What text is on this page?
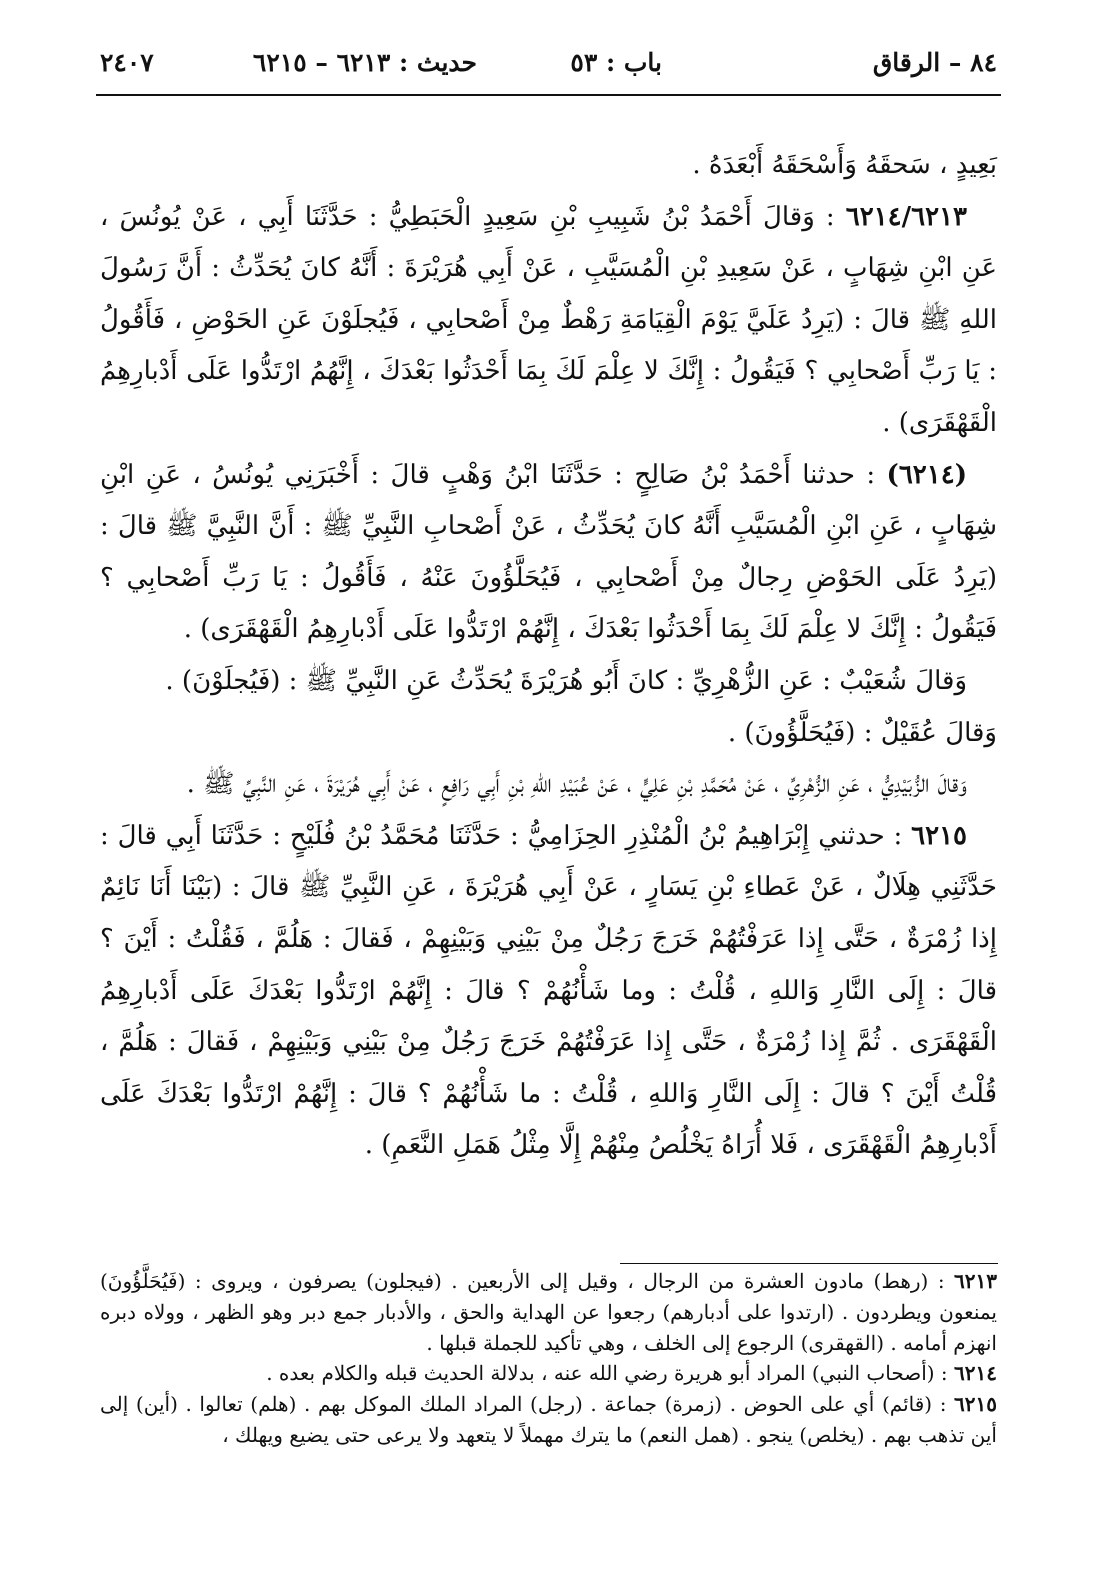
٨٤ – الرقاق
باب : ٥٣
حديث : ٦٢١٣ – ٦٢١٥
٢٤٠٧

بَعِيدٍ ، سَحقَهُ وَأَسْحَقَهُ أَبْعَدَهُ .

٦٢١٤/٦٢١٣ : وَقالَ أَحْمَدُ بْنُ شَبِيبِ بْنِ سَعِيدٍ الْحَبَطِيُّ : حَدَّثَنَا أَبِي ، عَنْ يُونُسَ ، عَنِ ابْنِ شِهَابٍ ، عَنْ سَعِيدِ بْنِ الْمُسَيَّبِ ، عَنْ أَبِي هُرَيْرَةَ : أَنَّهُ كانَ يُحَدِّثُ : أَنَّ رَسُولَ اللهِ ﷺ قالَ : (يَرِدُ عَلَيَّ يَوْمَ الْقِيَامَةِ رَهْطٌ مِنْ أَصْحابِي ، فَيُجلَوْنَ عَنِ الحَوْضِ ، فَأَقُولُ : يَا رَبِّ أَصْحابِي ؟ فَيَقُولُ : إِنَّكَ لا عِلْمَ لَكَ بِمَا أَحْدَثُوا بَعْدَكَ ، إِنَّهُمُ ارْتَدُّوا عَلَى أَدْبارِهِمُ الْقَهْقَرَى) .

(٦٢١٤) : حدثنا أَحْمَدُ بْنُ صَالِحٍ : حَدَّثَنَا ابْنُ وَهْبٍ قالَ : أَخْبَرَنِي يُونُسُ ، عَنِ ابْنِ شِهَابٍ ، عَنِ ابْنِ الْمُسَيَّبِ أَنَّهُ كانَ يُحَدِّثُ ، عَنْ أَصْحابِ النَّبِيِّ ﷺ : أَنَّ النَّبِيَّ ﷺ قالَ : (يَرِدُ عَلَى الحَوْضِ رِجالٌ مِنْ أَصْحابِي ، فَيُحَلَّؤُونَ عَنْهُ ، فَأَقُولُ : يَا رَبِّ أَصْحابِي ؟ فَيَقُولُ : إِنَّكَ لا عِلْمَ لَكَ بِمَا أَحْدَثُوا بَعْدَكَ ، إِنَّهُمْ ارْتَدُّوا عَلَى أَدْبارِهِمُ الْقَهْقَرَى) .

وَقالَ شُعَيْبٌ : عَنِ الزُّهْرِيِّ : كانَ أَبُو هُرَيْرَةَ يُحَدِّثُ عَنِ النَّبِيِّ ﷺ : (فَيُجلَوْنَ) .

وَقالَ عُقَيْلٌ : (فَيُحَلَّؤُونَ) .

وَقالَ الزُّبَيْدِيُّ ، عَنِ الزُّهْرِيِّ ، عَنْ مُحَمَّدِ بْنِ عَلِيٍّ ، عَنْ عُبَيْدِ اللهِ بْنِ أَبِي رَافِعٍ ، عَنْ أَبِي هُرَيْرَةَ ، عَنِ النَّبِيِّ ﷺ .

٦٢١٥ : حدثني إِبْرَاهِيمُ بْنُ الْمُنْذِرِ الحِزَامِيُّ : حَدَّثَنَا مُحَمَّدُ بْنُ فُلَيْحٍ : حَدَّثَنَا أَبِي قالَ : حَدَّثَنِي هِلَالٌ ، عَنْ عَطاءِ بْنِ يَسَارٍ ، عَنْ أَبِي هُرَيْرَةَ ، عَنِ النَّبِيِّ ﷺ قالَ : (بَيْنَا أَنَا نَائِمٌ إِذا زُمْرَةٌ ، حَتَّى إِذا عَرَفْتُهُمْ خَرَجَ رَجُلٌ مِنْ بَيْنِي وَبَيْنِهِمْ ، فَقالَ : هَلُمَّ ، فَقُلْتُ : أَيْنَ ؟ قالَ : إِلَى النَّارِ وَاللهِ ، قُلْتُ : وما شَأْنُهُمْ ؟ قالَ : إِنَّهُمْ ارْتَدُّوا بَعْدَكَ عَلَى أَدْبارِهِمُ الْقَهْقَرَى . ثُمَّ إِذا زُمْرَةٌ ، حَتَّى إِذا عَرَفْتُهُمْ خَرَجَ رَجُلٌ مِنْ بَيْنِي وَبَيْنِهِمْ ، فَقالَ : هَلُمَّ ، قُلْتُ أَيْنَ ؟ قالَ : إِلَى النَّارِ وَاللهِ ، قُلْتُ : ما شَأْنُهُمْ ؟ قالَ : إِنَّهُمْ ارْتَدُّوا بَعْدَكَ عَلَى أَدْبارِهِمُ الْقَهْقَرَى ، فَلا أُرَاهُ يَخْلُصُ مِنْهُمْ إِلَّا مِثْلُ هَمَلِ النَّعَمِ) .

٦٢١٣ : (رهط) مادون العشرة من الرجال ، وقيل إلى الأربعين . (فيجلون) يصرفون ، ويروى : (فَيُحَلَّؤُونَ) يمنعون ويطردون . (ارتدوا على أدبارهم) رجعوا عن الهداية والحق ، والأدبار جمع دبر وهو الظهر ، وولاه دبره انهزم أمامه . (القهقرى) الرجوع إلى الخلف ، وهي تأكيد للجملة قبلها .

٦٢١٤ : (أصحاب النبي) المراد أبو هريرة رضي الله عنه ، بدلالة الحديث قبله والكلام بعده .

٦٢١٥ : (قائم) أي على الحوض . (زمرة) جماعة . (رجل) المراد الملك الموكل بهم . (هلم) تعالوا . (أين) إلى أين تذهب بهم . (يخلص) ينجو . (همل النعم) ما يترك مهملاً لا يتعهد ولا يرعى حتى يضيع ويهلك ،
